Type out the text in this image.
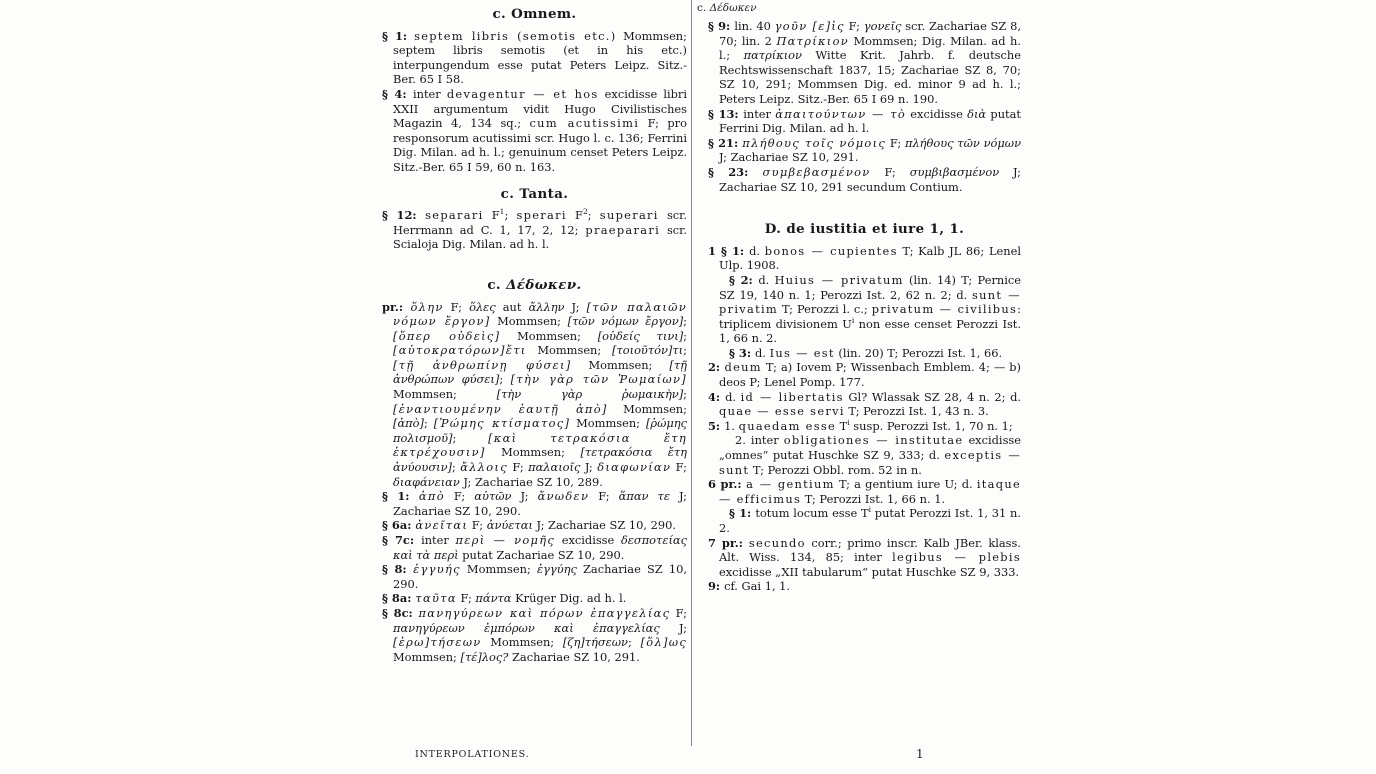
c. Δέδωκεν
c. Omnem.

§ 1: septem libris (semotis etc.) Mommsen; septem libris semotis (et in his etc.) interpungendum esse putat Peters Leipz. Sitz.-Ber. 65 I 58.

§ 4: inter devagentur — et hos excidisse libri XXII argumentum vidit Hugo Civilistisches Magazin 4, 134 sq.; cum acutissimi F; pro responsorum acutissimi scr. Hugo l. c. 136; Ferrini Dig. Milan. ad h. l.; genuinum censet Peters Leipz. Sitz.-Ber. 65 I 59, 60 n. 163.

c. Tanta.

§ 12: separari $F^1$; sperari $F^2$; superari scr. Herrmann ad C. 1, 17, 2, 12; praeparari scr. Scialoja Dig. Milan. ad h. l.

c. Δέδωκεν.

pr.: ὅλην F; ὅλες aut ἄλλην J; [τῶν παλαιῶν νόμων ἔργον] Mommsen; [τῶν νόμων ἔργον]; [ὅπερ οὐδεὶς] Mommsen; [οὐδείς τινι]; [αὐτοκρατόρων]ἔτι Mommsen; [τοιοῦτόν]τι; [τῇ ἀνθρωπίνῃ φύσει] Mommsen; [τῇ ἀνθρώπων φύσει]; [τὴν γὰρ τῶν Ῥωμαίων] Mommsen; [τὴν γὰρ ῥωμαικὴν]; [ἐναντιουμένην ἑαυτῇ ἀπὸ] Mommsen; [ἀπὸ]; [Ῥώμης κτίσματος] Mommsen; [ῥώμης πολισμοῦ]; [καὶ τετρακόσια ἔτη ἐκτρέχουσιν] Mommsen; [τετρακόσια ἔτη ἀνύουσιν]; ἄλλοις F; παλαιοῖς J; διαφωνίαν F; διαφάνειαν J; Zachariae SZ 10, 289.

§ 1: ἀπὸ F; αὐτῶν J; ἄνωδεν F; ἅπαν τε J; Zachariae SZ 10, 290.

§ 6a: ἀνεῖται F; ἀνύεται J; Zachariae SZ 10, 290.

§ 7c: inter περὶ — νομῆς excidisse δεσποτείας καὶ τὰ περὶ putat Zachariae SZ 10, 290.

§ 8: ἐγγυής Mommsen; ἐγγύης Zachariae SZ 10, 290.

§ 8a: ταῦτα F; πάντα Krüger Dig. ad h. l.

§ 8c: πανηγύρεων καὶ πόρων ἐπαγγελίας F; πανηγύρεων ἐμπόρων καὶ ἐπαγγελίας J; [ἐρω]τήσεων Mommsen; [ζη]τήσεων; [ὅλ]ως Mommsen; [τέ]λος? Zachariae SZ 10, 291.

§ 9: lin. 40 γοῦν [ε]ἰς F; γονεῖς scr. Zachariae SZ 8, 70; lin. 2 Πατρίκιον Mommsen; Dig. Milan. ad h. l.; πατρίκιον Witte Krit. Jahrb. f. deutsche Rechtswissenschaft 1837, 15; Zachariae SZ 8, 70; SZ 10, 291; Mommsen Dig. ed. minor 9 ad h. l.; Peters Leipz. Sitz.-Ber. 65 I 69 n. 190.

§ 13: inter ἀπαιτούντων — τὸ excidisse διὰ putat Ferrini Dig. Milan. ad h. l.

§ 21: πλήθους τοῖς νόμοις F; πλήθους τῶν νόμων J; Zachariae SZ 10, 291.

§ 23: συμβεβασμένον F; συμβιβασμένον J; Zachariae SZ 10, 291 secundum Contium.

D. de iustitia et iure 1, 1.

1 § 1: d. bonos — cupientes T; Kalb JL 86; Lenel Ulp. 1908.

§ 2: d. Huius — privatum (lin. 14) T; Pernice SZ 19, 140 n. 1; Perozzi Ist. 2, 62 n. 2; d. sunt — privatim T; Perozzi l. c.; privatum — civilibus: triplicem divisionem $U^i$ non esse censet Perozzi Ist. 1, 66 n. 2.

§ 3: d. Ius — est (lin. 20) T; Perozzi Ist. 1, 66.

2: deum T; a) Iovem P; Wissenbach Emblem. 4; — b) deos P; Lenel Pomp. 177.

4: d. id — libertatis Gl? Wlassak SZ 28, 4 n. 2; d. quae — esse servi T; Perozzi Ist. 1, 43 n. 3.

5: 1. quaedam esse $T^i$ susp. Perozzi Ist. 1, 70 n. 1;

2. inter obligationes — institutae excidisse „omnes“ putat Huschke SZ 9, 333; d. exceptis — sunt T; Perozzi Obbl. rom. 52 in n.

6 pr.: a — gentium T; a gentium iure U; d. itaque — efficimus T; Perozzi Ist. 1, 66 n. 1.

§ 1: totum locum esse $T^i$ putat Perozzi Ist. 1, 31 n. 2.

7 pr.: secundo corr.; primo inscr. Kalb JBer. klass. Alt. Wiss. 134, 85; inter legibus — plebis excidisse „XII tabularum“ putat Huschke SZ 9, 333.

9: cf. Gai 1, 1.

INTERPOLATIONES.	1
